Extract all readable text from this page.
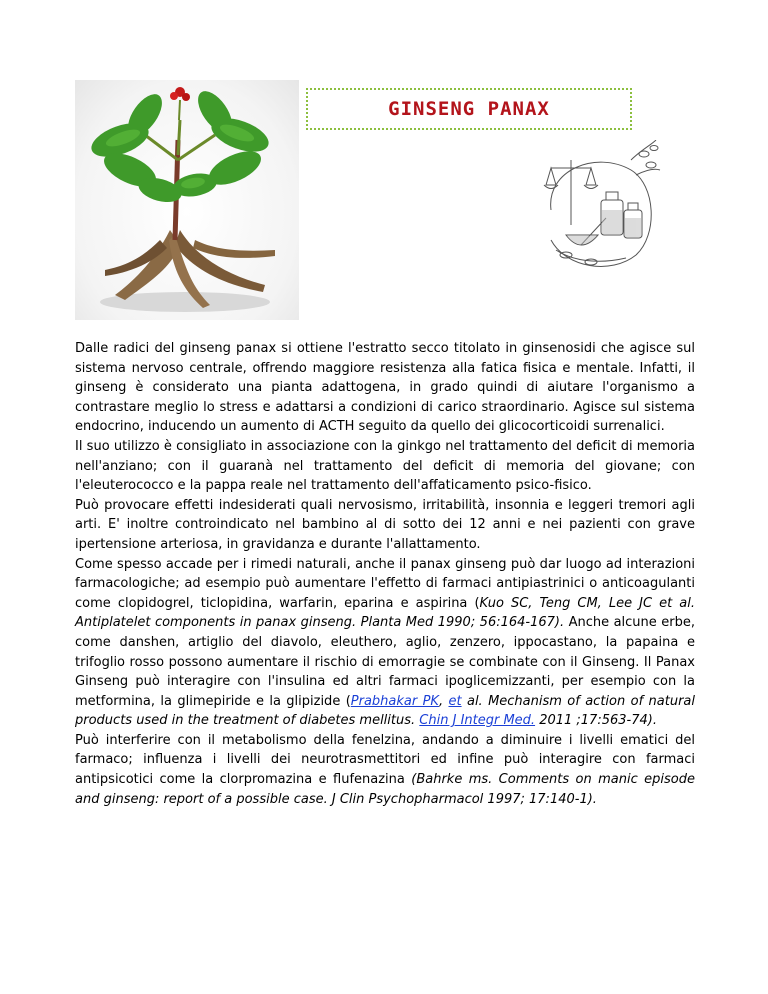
GINSENG PANAX

Dalle radici del ginseng panax si ottiene l'estratto secco titolato in ginsenosidi che agisce sul sistema nervoso centrale, offrendo maggiore resistenza alla fatica fisica e mentale. Infatti, il ginseng è considerato una pianta adattogena, in grado quindi di aiutare l'organismo a contrastare meglio lo stress e adattarsi a condizioni di carico straordinario. Agisce sul sistema endocrino, inducendo un aumento di ACTH seguito da quello dei glicocorticoidi surrenalici.

Il suo utilizzo è consigliato in associazione con la ginkgo nel trattamento del deficit di memoria nell'anziano; con il guaranà nel trattamento del deficit di memoria del giovane; con l'eleuterococco e la pappa reale nel trattamento dell'affaticamento psico-fisico.

Può provocare effetti indesiderati quali nervosismo, irritabilità, insonnia e leggeri tremori agli arti. E' inoltre controindicato nel bambino al di sotto dei 12 anni e nei pazienti con grave ipertensione arteriosa, in gravidanza e durante l'allattamento.

Come spesso accade per i rimedi naturali, anche il panax ginseng può dar luogo ad interazioni farmacologiche; ad esempio può aumentare l'effetto di farmaci antipiastrinici o anticoagulanti come clopidogrel, ticlopidina, warfarin, eparina e aspirina (Kuo SC, Teng CM, Lee JC et al. Antiplatelet components in panax ginseng. Planta Med 1990; 56:164-167). Anche alcune erbe, come danshen, artiglio del diavolo, eleuthero, aglio, zenzero, ippocastano, la papaina e trifoglio rosso possono aumentare il rischio di emorragie se combinate con il Ginseng. Il Panax Ginseng può interagire con l'insulina ed altri farmaci ipoglicemizzanti, per esempio con la metformina, la glimepiride e la glipizide (Prabhakar PK, et al. Mechanism of action of natural products used in the treatment of diabetes mellitus. Chin J Integr Med. 2011 ;17:563-74).

Può interferire con il metabolismo della fenelzina, andando a diminuire i livelli ematici del farmaco; influenza i livelli dei neurotrasmettitori ed infine può interagire con farmaci antipsicotici come la clorpromazina e flufenazina (Bahrke ms. Comments on manic episode and ginseng: report of a possible case. J Clin Psychopharmacol 1997; 17:140-1).
